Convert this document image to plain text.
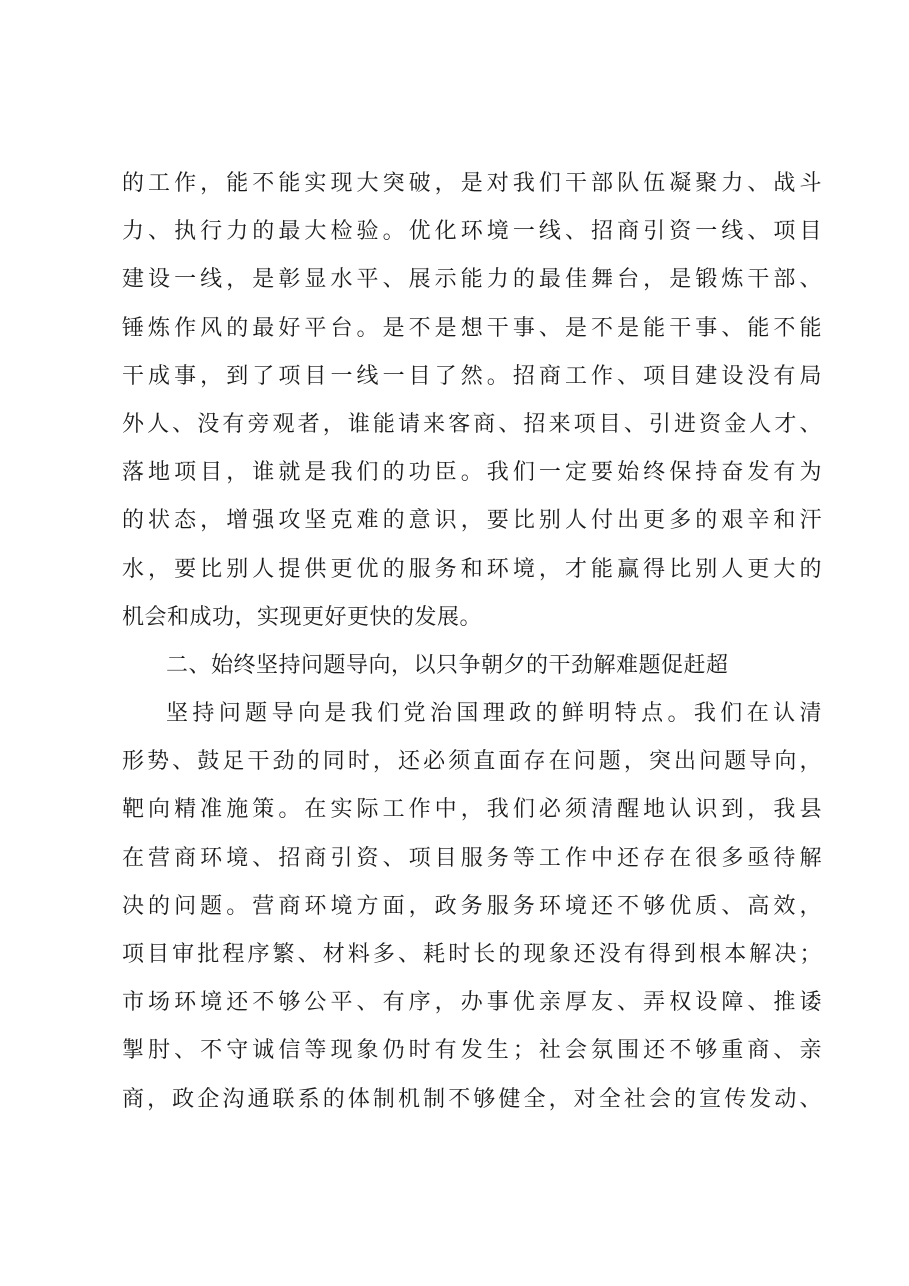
的工作，能不能实现大突破，是对我们干部队伍凝聚力、战斗
力、执行力的最大检验。优化环境一线、招商引资一线、项目
建设一线，是彰显水平、展示能力的最佳舞台，是锻炼干部、
锤炼作风的最好平台。是不是想干事、是不是能干事、能不能
干成事，到了项目一线一目了然。招商工作、项目建设没有局
外人、没有旁观者，谁能请来客商、招来项目、引进资金人才、
落地项目，谁就是我们的功臣。我们一定要始终保持奋发有为
的状态，增强攻坚克难的意识，要比别人付出更多的艰辛和汗
水，要比别人提供更优的服务和环境，才能赢得比别人更大的
机会和成功，实现更好更快的发展。
二、始终坚持问题导向，以只争朝夕的干劲解难题促赶超
坚持问题导向是我们党治国理政的鲜明特点。我们在认清
形势、鼓足干劲的同时，还必须直面存在问题，突出问题导向，
靶向精准施策。在实际工作中，我们必须清醒地认识到，我县
在营商环境、招商引资、项目服务等工作中还存在很多亟待解
决的问题。营商环境方面，政务服务环境还不够优质、高效，
项目审批程序繁、材料多、耗时长的现象还没有得到根本解决；
市场环境还不够公平、有序，办事优亲厚友、弄权设障、推诿
掣肘、不守诚信等现象仍时有发生；社会氛围还不够重商、亲
商，政企沟通联系的体制机制不够健全，对全社会的宣传发动、
